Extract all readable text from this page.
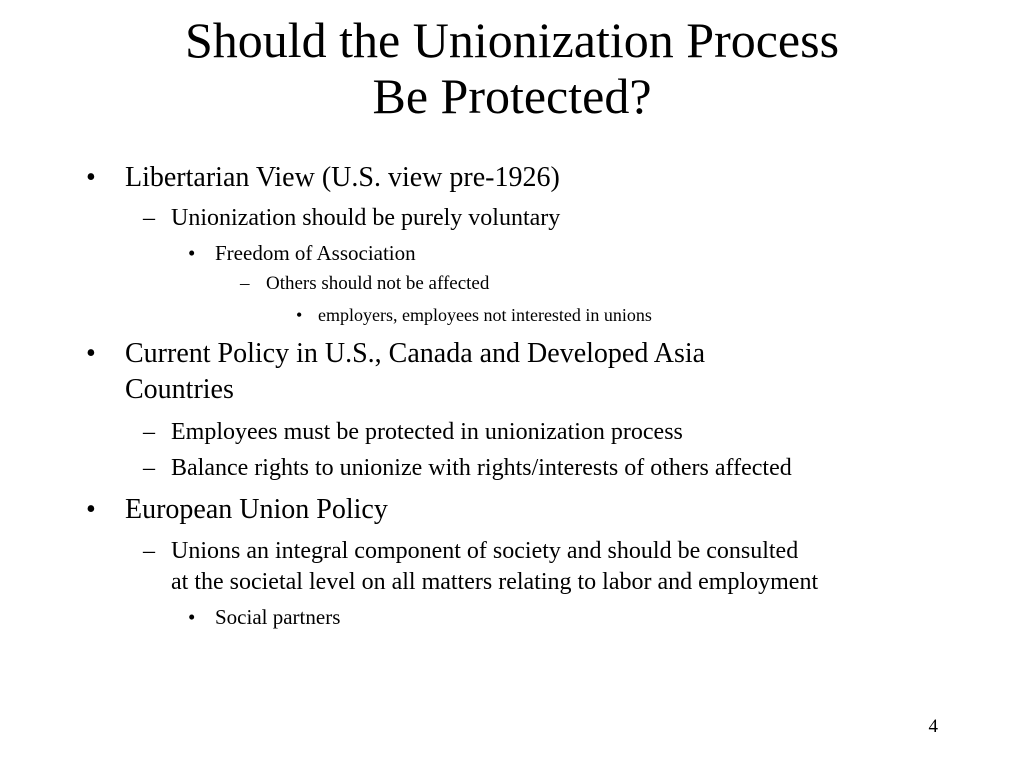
Should the Unionization Process
Be Protected?
• Libertarian View (U.S. view pre-1926)
– Unionization should be purely voluntary
• Freedom of Association
– Others should not be affected
• employers, employees not interested in unions
• Current Policy in U.S., Canada and Developed Asia
Countries
– Employees must be protected in unionization process
– Balance rights to unionize with rights/interests of others affected
• European Union Policy
– Unions an integral component of society and should be consulted
at the societal level on all matters relating to labor and employment
• Social partners
4
